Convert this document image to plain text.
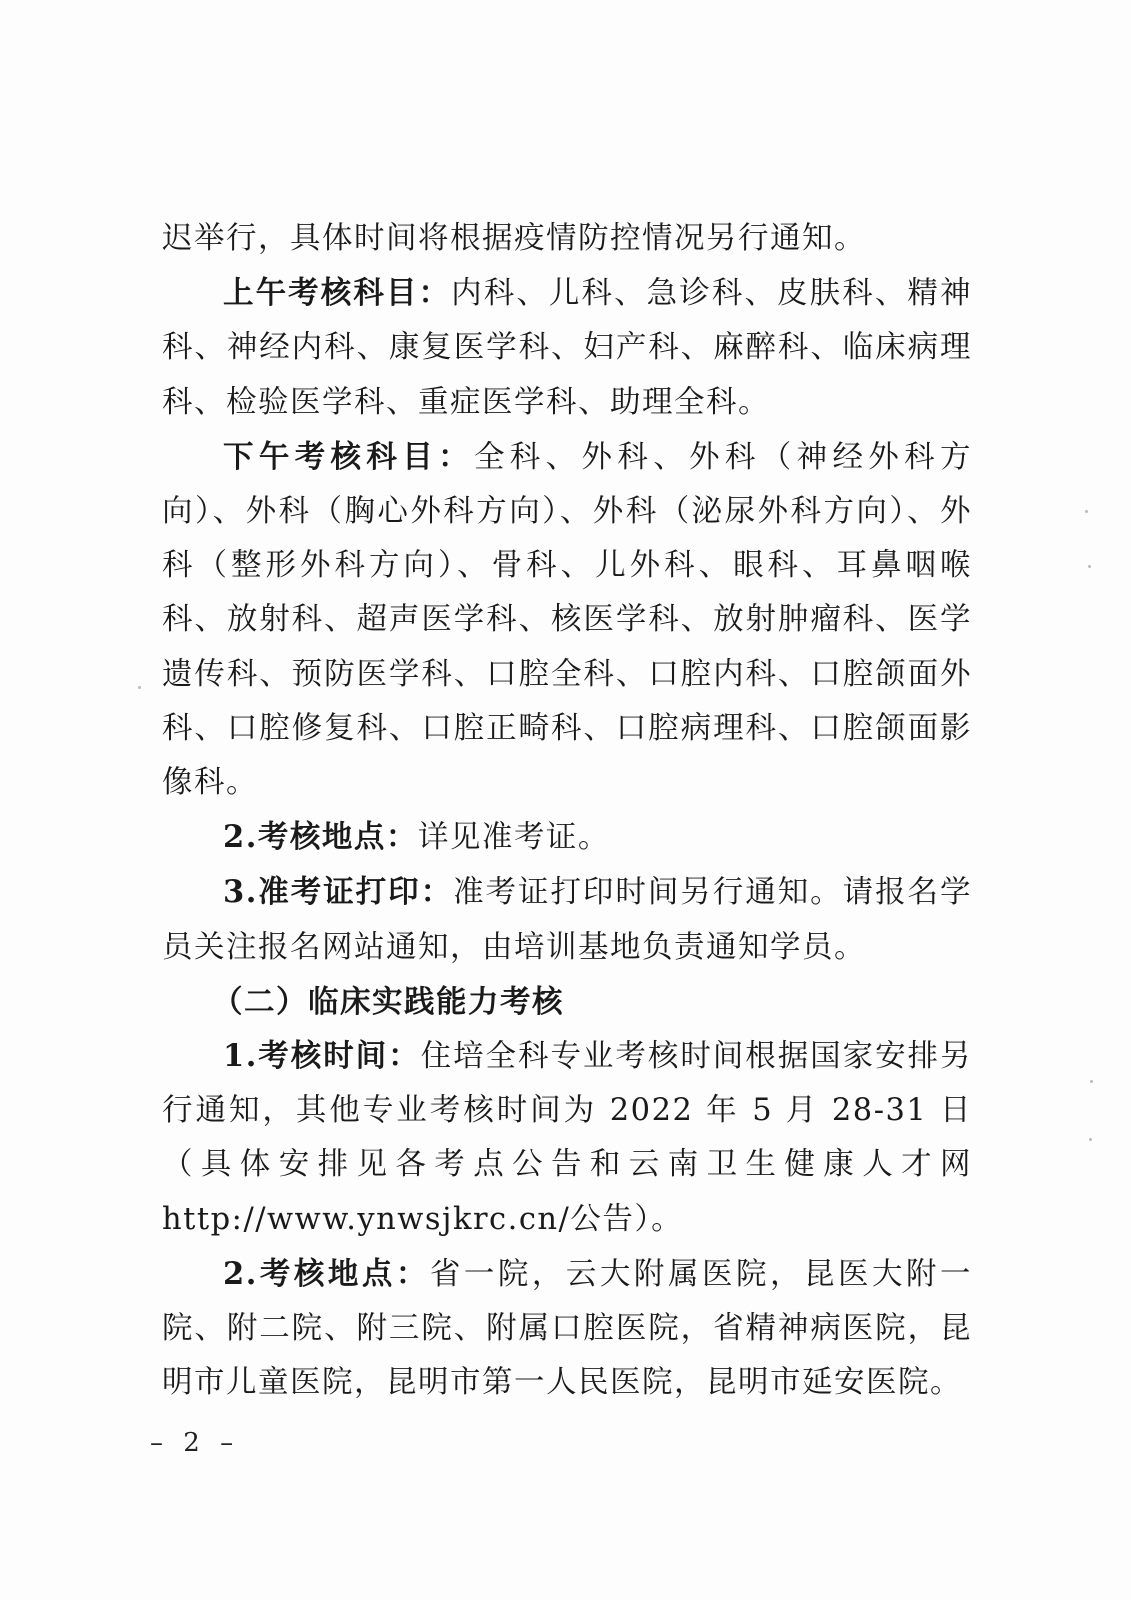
迟举行，具体时间将根据疫情防控情况另行通知。

上午考核科目：内科、儿科、急诊科、皮肤科、精神科、神经内科、康复医学科、妇产科、麻醉科、临床病理科、检验医学科、重症医学科、助理全科。

下午考核科目：全科、外科、外科（神经外科方向）、外科（胸心外科方向）、外科（泌尿外科方向）、外科（整形外科方向）、骨科、儿外科、眼科、耳鼻咽喉科、放射科、超声医学科、核医学科、放射肿瘤科、医学遗传科、预防医学科、口腔全科、口腔内科、口腔颌面外科、口腔修复科、口腔正畸科、口腔病理科、口腔颌面影像科。

2.考核地点：详见准考证。

3.准考证打印：准考证打印时间另行通知。请报名学员关注报名网站通知，由培训基地负责通知学员。

（二）临床实践能力考核

1.考核时间：住培全科专业考核时间根据国家安排另行通知，其他专业考核时间为 2022 年 5 月 28-31 日（具体安排见各考点公告和云南卫生健康人才网 http://www.ynwsjkrc.cn/公告）。

2.考核地点：省一院，云大附属医院，昆医大附一院、附二院、附三院、附属口腔医院，省精神病医院，昆明市儿童医院，昆明市第一人民医院，昆明市延安医院。

– 2 –
